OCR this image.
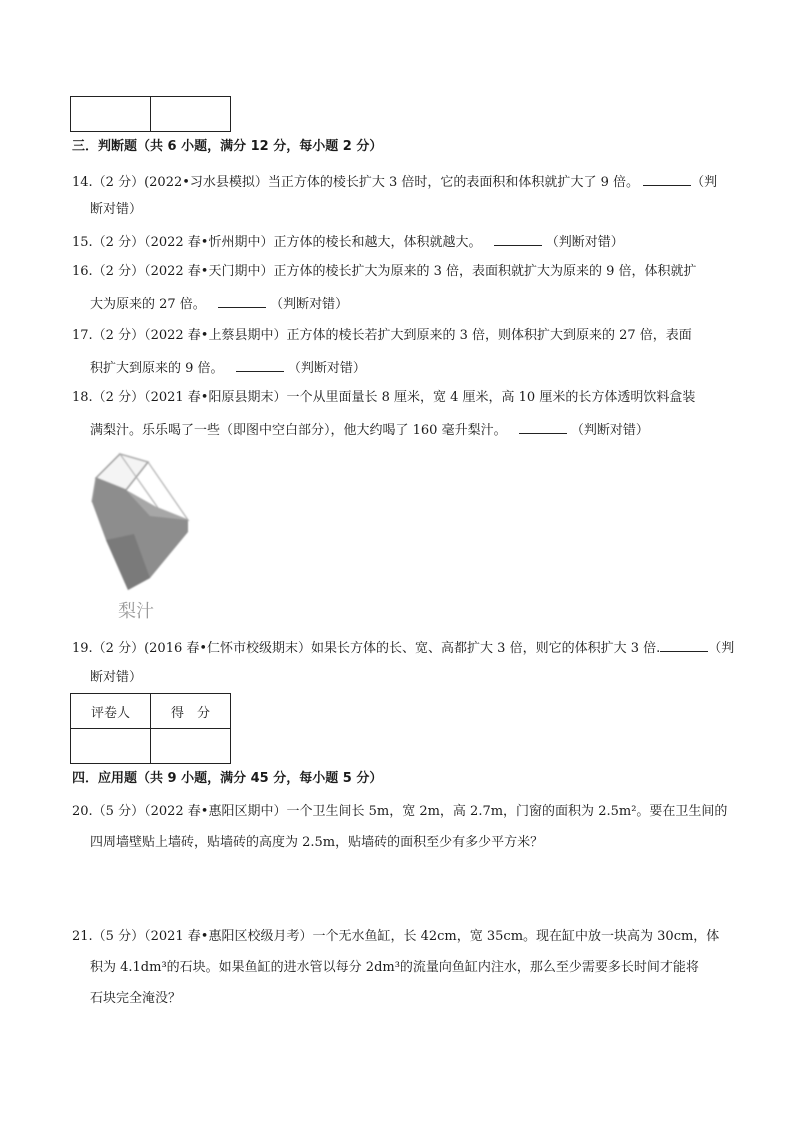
三．判断题（共 6 小题，满分 12 分，每小题 2 分）
14.（2 分）(2022•习水县模拟）当正方体的棱长扩大 3 倍时，它的表面积和体积就扩大了 9 倍。	（判
断对错）
15.（2 分）（2022 春•忻州期中）正方体的棱长和越大，体积就越大。	（判断对错）
16.（2 分）（2022 春•天门期中）正方体的棱长扩大为原来的 3 倍，表面积就扩大为原来的 9 倍，体积就扩
大为原来的 27 倍。	（判断对错）
17.（2 分）（2022 春•上蔡县期中）正方体的棱长若扩大到原来的 3 倍，则体积扩大到原来的 27 倍，表面
积扩大到原来的 9 倍。	（判断对错）
18.（2 分）（2021 春•阳原县期末）一个从里面量长 8 厘米，宽 4 厘米，高 10 厘米的长方体透明饮料盒装
满梨汁。乐乐喝了一些（即图中空白部分），他大约喝了 160 毫升梨汁。	（判断对错）
梨汁
19.（2 分）(2016 春•仁怀市校级期末）如果长方体的长、宽、高都扩大 3 倍，则它的体积扩大 3 倍.	（判
断对错）
评卷人	得　分

四．应用题（共 9 小题，满分 45 分，每小题 5 分）
20.（5 分）（2022 春•惠阳区期中）一个卫生间长 5m，宽 2m，高 2.7m，门窗的面积为 2.5m²。要在卫生间的
四周墙壁贴上墙砖，贴墙砖的高度为 2.5m，贴墙砖的面积至少有多少平方米？
21.（5 分）（2021 春•惠阳区校级月考）一个无水鱼缸，长 42cm，宽 35cm。现在缸中放一块高为 30cm，体
积为 4.1dm³的石块。如果鱼缸的进水管以每分 2dm³的流量向鱼缸内注水，那么至少需要多长时间才能将
石块完全淹没？
